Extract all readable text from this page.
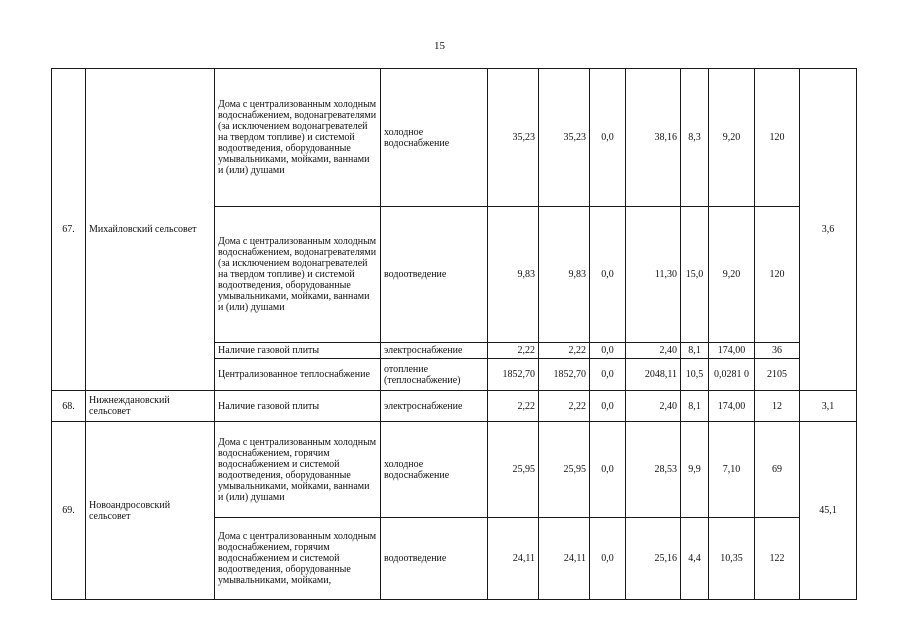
15
67.	Михайловский сельсовет	Дома с централизованным холодным водоснабжением, водонагревателями (за исключением водонагревателей на твердом топливе) и системой водоотведения, оборудованные умывальниками, мойками, ваннами и (или) душами	холодное водоснабжение	35,23	35,23	0,0	38,16	8,3	9,20	120	3,6
		Дома с централизованным холодным водоснабжением, водонагревателями (за исключением водонагревателей на твердом топливе) и системой водоотведения, оборудованные умывальниками, мойками, ваннами и (или) душами	водоотведение	9,83	9,83	0,0	11,30	15,0	9,20	120	
		Наличие газовой плиты	электроснабжение	2,22	2,22	0,0	2,40	8,1	174,00	36	
		Централизованное теплоснабжение	отопление (теплоснабжение)	1852,70	1852,70	0,0	2048,11	10,5	0,0281 0	2105	
68.	Нижнеждановский сельсовет	Наличие газовой плиты	электроснабжение	2,22	2,22	0,0	2,40	8,1	174,00	12	3,1
69.	Новоандросовский сельсовет	Дома с централизованным холодным водоснабжением, горячим водоснабжением и системой водоотведения, оборудованные умывальниками, мойками, ваннами и (или) душами	холодное водоснабжение	25,95	25,95	0,0	28,53	9,9	7,10	69	45,1
		Дома с централизованным холодным водоснабжением, горячим водоснабжением и системой водоотведения, оборудованные умывальниками, мойками,	водоотведение	24,11	24,11	0,0	25,16	4,4	10,35	122	
